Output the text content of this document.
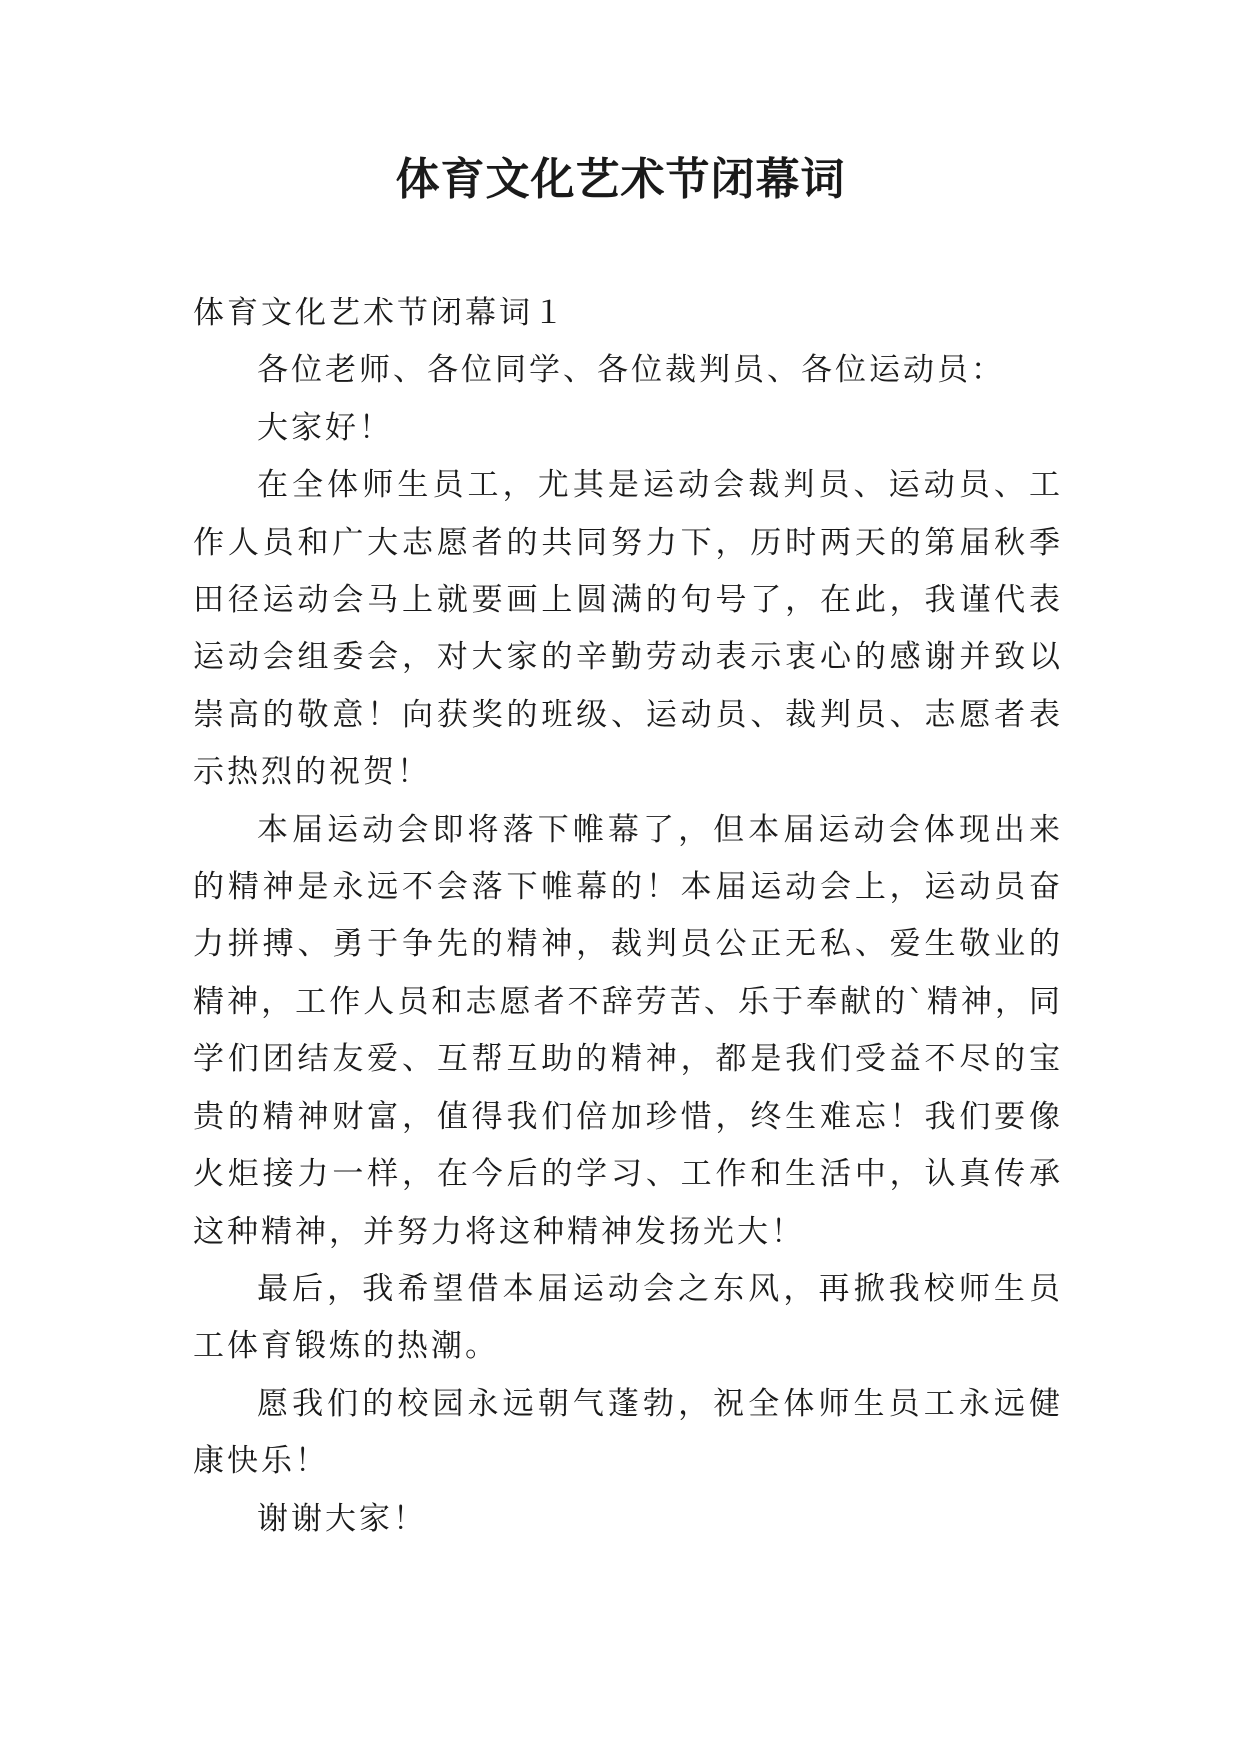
体育文化艺术节闭幕词

体育文化艺术节闭幕词１

各位老师、各位同学、各位裁判员、各位运动员：

大家好！

在全体师生员工，尤其是运动会裁判员、运动员、工作人员和广大志愿者的共同努力下，历时两天的第届秋季田径运动会马上就要画上圆满的句号了，在此，我谨代表运动会组委会，对大家的辛勤劳动表示衷心的感谢并致以崇高的敬意！向获奖的班级、运动员、裁判员、志愿者表示热烈的祝贺！

本届运动会即将落下帷幕了，但本届运动会体现出来的精神是永远不会落下帷幕的！本届运动会上，运动员奋力拼搏、勇于争先的精神，裁判员公正无私、爱生敬业的精神，工作人员和志愿者不辞劳苦、乐于奉献的`精神，同学们团结友爱、互帮互助的精神，都是我们受益不尽的宝贵的精神财富，值得我们倍加珍惜，终生难忘！我们要像火炬接力一样，在今后的学习、工作和生活中，认真传承这种精神，并努力将这种精神发扬光大！

最后，我希望借本届运动会之东风，再掀我校师生员工体育锻炼的热潮。

愿我们的校园永远朝气蓬勃，祝全体师生员工永远健康快乐！

谢谢大家！
